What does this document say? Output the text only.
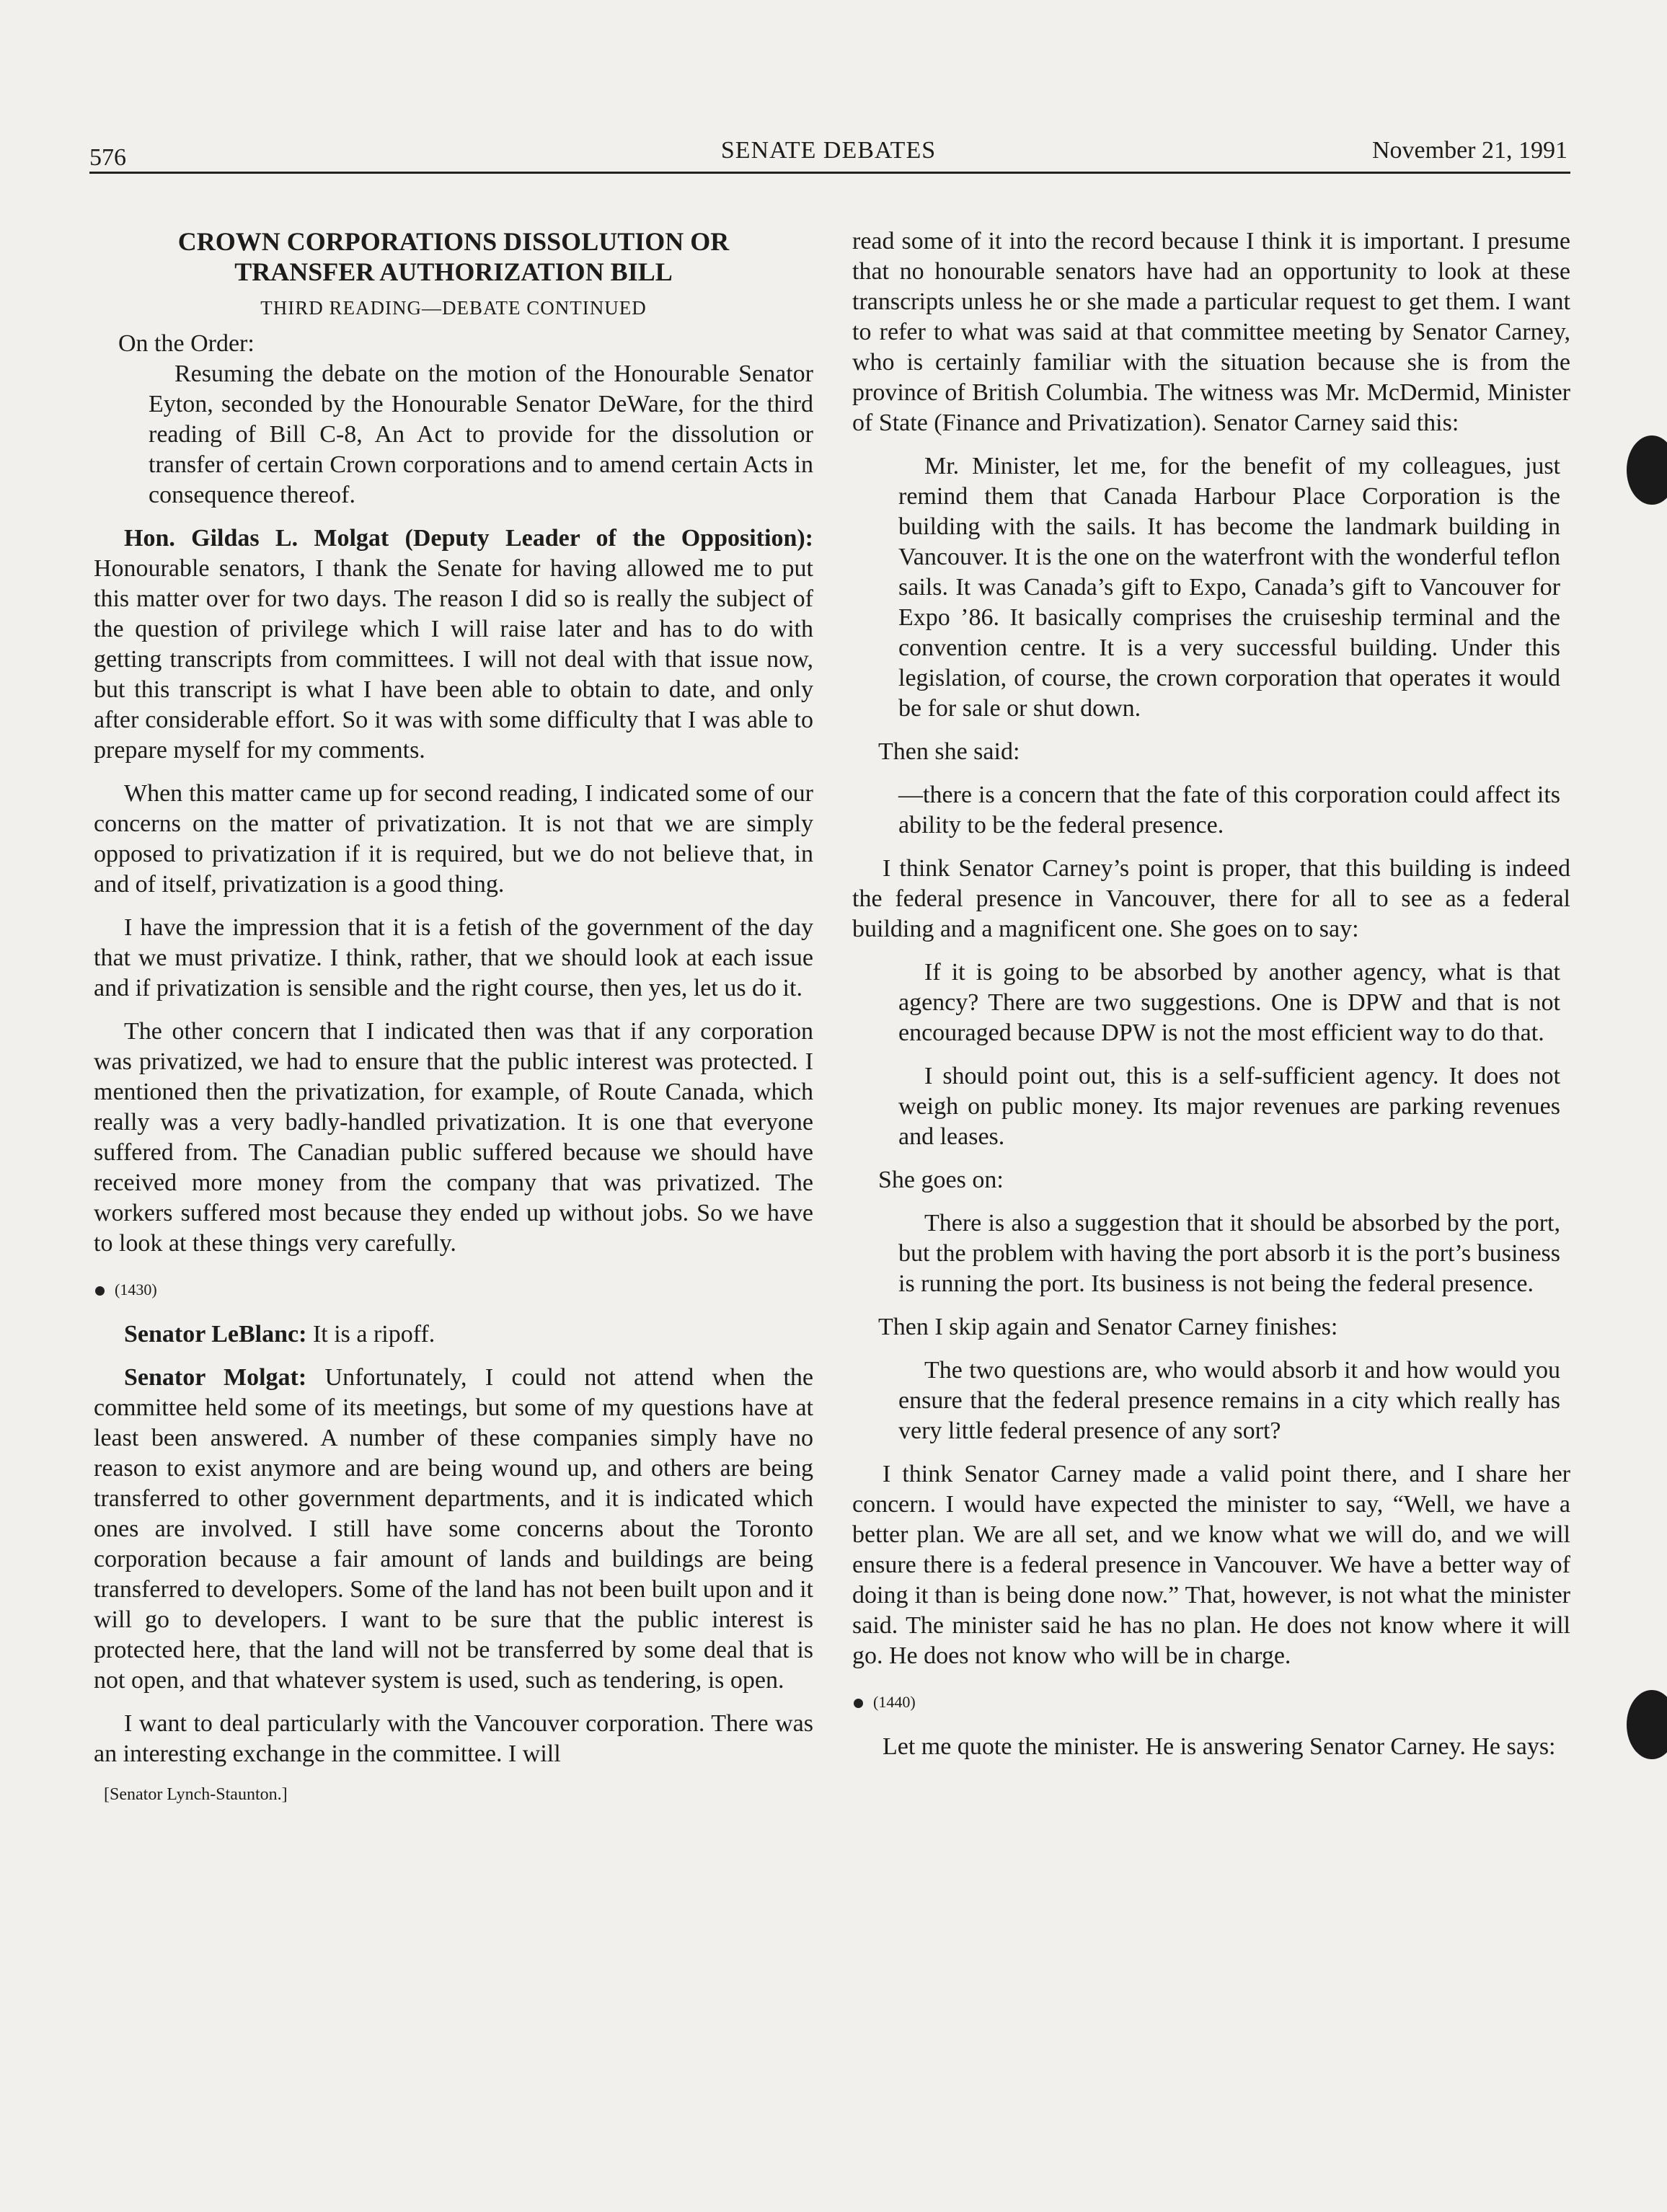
576	SENATE DEBATES	November 21, 1991

CROWN CORPORATIONS DISSOLUTION OR

TRANSFER AUTHORIZATION BILL

THIRD READING—DEBATE CONTINUED

On the Order:

Resuming the debate on the motion of the Honourable Senator Eyton, seconded by the Honourable Senator DeWare, for the third reading of Bill C-8, An Act to provide for the dissolution or transfer of certain Crown corporations and to amend certain Acts in consequence thereof.

Hon. Gildas L. Molgat (Deputy Leader of the Opposition): Honourable senators, I thank the Senate for having allowed me to put this matter over for two days. The reason I did so is really the subject of the question of privilege which I will raise later and has to do with getting transcripts from committees. I will not deal with that issue now, but this transcript is what I have been able to obtain to date, and only after considerable effort. So it was with some difficulty that I was able to prepare myself for my comments.

When this matter came up for second reading, I indicated some of our concerns on the matter of privatization. It is not that we are simply opposed to privatization if it is required, but we do not believe that, in and of itself, privatization is a good thing.

I have the impression that it is a fetish of the government of the day that we must privatize. I think, rather, that we should look at each issue and if privatization is sensible and the right course, then yes, let us do it.

The other concern that I indicated then was that if any corporation was privatized, we had to ensure that the public interest was protected. I mentioned then the privatization, for example, of Route Canada, which really was a very badly-handled privatization. It is one that everyone suffered from. The Canadian public suffered because we should have received more money from the company that was privatized. The workers suffered most because they ended up without jobs. So we have to look at these things very carefully.

(1430)

Senator LeBlanc: It is a ripoff.

Senator Molgat: Unfortunately, I could not attend when the committee held some of its meetings, but some of my questions have at least been answered. A number of these companies simply have no reason to exist anymore and are being wound up, and others are being transferred to other government departments, and it is indicated which ones are involved. I still have some concerns about the Toronto corporation because a fair amount of lands and buildings are being transferred to developers. Some of the land has not been built upon and it will go to developers. I want to be sure that the public interest is protected here, that the land will not be transferred by some deal that is not open, and that whatever system is used, such as tendering, is open.

I want to deal particularly with the Vancouver corporation. There was an interesting exchange in the committee. I will

[Senator Lynch-Staunton.]

read some of it into the record because I think it is important. I presume that no honourable senators have had an opportunity to look at these transcripts unless he or she made a particular request to get them. I want to refer to what was said at that committee meeting by Senator Carney, who is certainly familiar with the situation because she is from the province of British Columbia. The witness was Mr. McDermid, Minister of State (Finance and Privatization). Senator Carney said this:

Mr. Minister, let me, for the benefit of my colleagues, just remind them that Canada Harbour Place Corporation is the building with the sails. It has become the landmark building in Vancouver. It is the one on the waterfront with the wonderful teflon sails. It was Canada’s gift to Expo, Canada’s gift to Vancouver for Expo ’86. It basically comprises the cruiseship terminal and the convention centre. It is a very successful building. Under this legislation, of course, the crown corporation that operates it would be for sale or shut down.

Then she said:

—there is a concern that the fate of this corporation could affect its ability to be the federal presence.

I think Senator Carney’s point is proper, that this building is indeed the federal presence in Vancouver, there for all to see as a federal building and a magnificent one. She goes on to say:

If it is going to be absorbed by another agency, what is that agency? There are two suggestions. One is DPW and that is not encouraged because DPW is not the most efficient way to do that.

I should point out, this is a self-sufficient agency. It does not weigh on public money. Its major revenues are parking revenues and leases.

She goes on:

There is also a suggestion that it should be absorbed by the port, but the problem with having the port absorb it is the port’s business is running the port. Its business is not being the federal presence.

Then I skip again and Senator Carney finishes:

The two questions are, who would absorb it and how would you ensure that the federal presence remains in a city which really has very little federal presence of any sort?

I think Senator Carney made a valid point there, and I share her concern. I would have expected the minister to say, “Well, we have a better plan. We are all set, and we know what we will do, and we will ensure there is a federal presence in Vancouver. We have a better way of doing it than is being done now.” That, however, is not what the minister said. The minister said he has no plan. He does not know where it will go. He does not know who will be in charge.

(1440)

Let me quote the minister. He is answering Senator Carney. He says:
